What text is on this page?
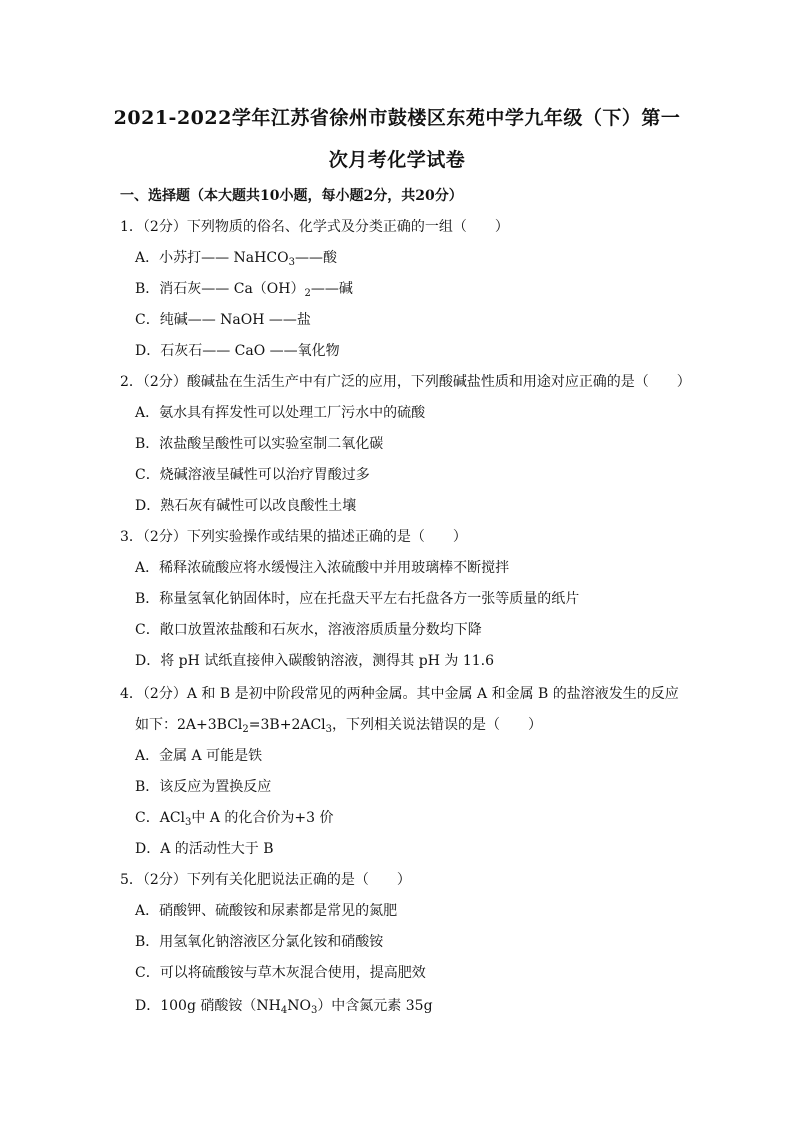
2021-2022学年江苏省徐州市鼓楼区东苑中学九年级（下）第一
次月考化学试卷
一、选择题（本大题共10小题，每小题2分，共20分）
1．（2分）下列物质的俗名、化学式及分类正确的一组（　　）
A．小苏打—— NaHCO$_3$——酸
B．消石灰—— $Ca(OH)_2——$碱
C．纯碱—— NaOH ——盐
D．石灰石—— CaO ——氧化物
2．（2分）酸碱盐在生活生产中有广泛的应用，下列酸碱盐性质和用途对应正确的是（　　）
A．氨水具有挥发性可以处理工厂污水中的硫酸
B．浓盐酸呈酸性可以实验室制二氧化碳
C．烧碱溶液呈碱性可以治疗胃酸过多
D．熟石灰有碱性可以改良酸性土壤
3．（2分）下列实验操作或结果的描述正确的是（　　）
A．稀释浓硫酸应将水缓慢注入浓硫酸中并用玻璃棒不断搅拌
B．称量氢氧化钠固体时，应在托盘天平左右托盘各方一张等质量的纸片
C．敞口放置浓盐酸和石灰水，溶液溶质质量分数均下降
D．将 pH 试纸直接伸入碳酸钠溶液，测得其 pH 为 11.6
4．（2分）A 和 B 是初中阶段常见的两种金属。其中金属 A 和金属 B 的盐溶液发生的反应
如下：2A+3BCl$_2$=3B+2ACl$_3$，下列相关说法错误的是（　　）
A．金属 A 可能是铁
B．该反应为置换反应
C．ACl$_3$中 A 的化合价为+3 价
D．A 的活动性大于 B
5．（2分）下列有关化肥说法正确的是（　　）
A．硝酸钾、硫酸铵和尿素都是常见的氮肥
B．用氢氧化钠溶液区分氯化铵和硝酸铵
C．可以将硫酸铵与草木灰混合使用，提高肥效
D．100g 硝酸铵$(NH_4NO_3)$中含氮元素 35g
